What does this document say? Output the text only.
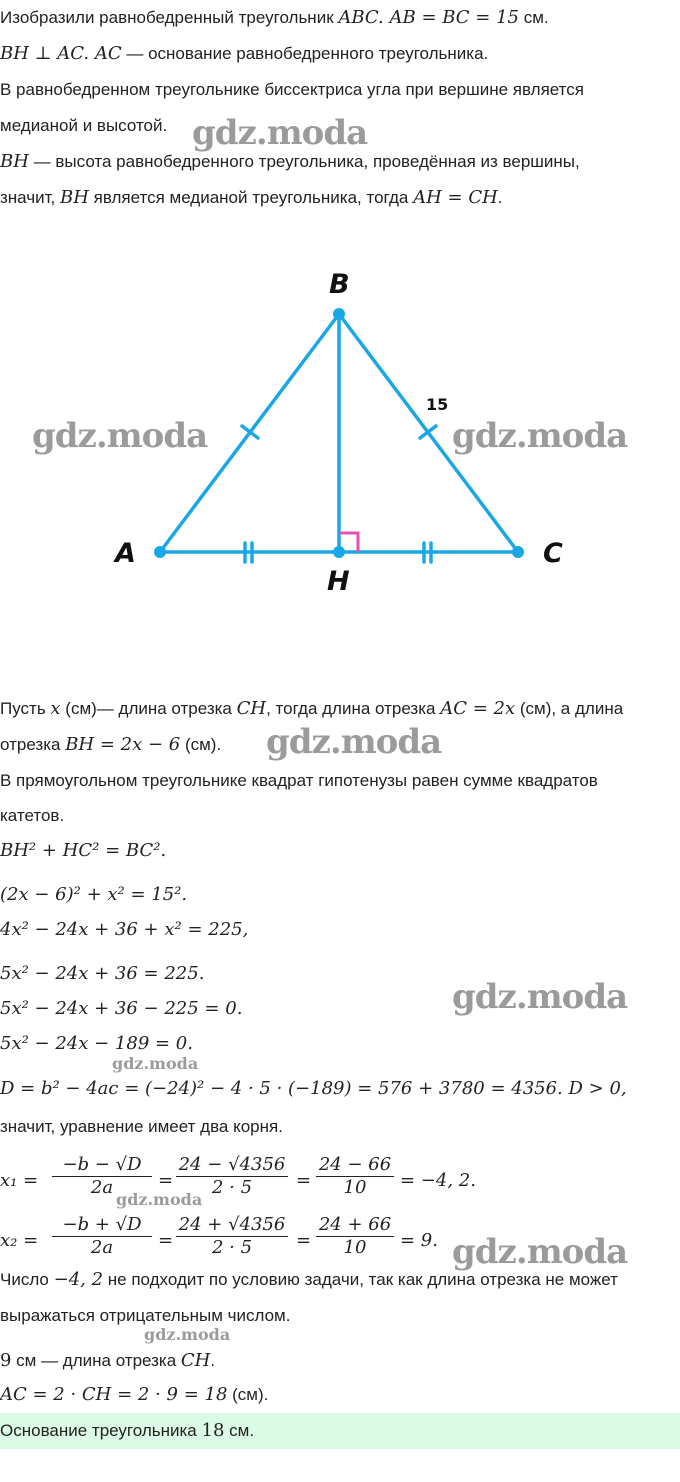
Изобразили равнобедренный треугольник ABC. AB = BC = 15 см.
BH ⊥ AC. AC — основание равнобедренного треугольника.
В равнобедренном треугольнике биссектриса угла при вершине является
медианой и высотой.
BH — высота равнобедренного треугольника, проведённая из вершины,
значит, BH является медианой треугольника, тогда AH = CH.
B
A	C
H
15
Пусть x (см)— длина отрезка CH, тогда длина отрезка AC = 2x (см), а длина
отрезка BH = 2x − 6 (см).
В прямоугольном треугольнике квадрат гипотенузы равен сумме квадратов
катетов.
BH² + HC² = BC².
(2x − 6)² + x² = 15².
4x² − 24x + 36 + x² = 225,
5x² − 24x + 36 = 225.
5x² − 24x + 36 − 225 = 0.
5x² − 24x − 189 = 0.
D = b² − 4ac = (−24)² − 4 · 5 · (−189) = 576 + 3780 = 4356. D > 0,
значит, уравнение имеет два корня.
x₁ =
−b − √D
2a	=
24 − √4356
2 · 5	=
24 − 66
10	= −4, 2.
x₂ =
−b + √D
2a	=
24 + √4356
2 · 5	=
24 + 66
10	= 9.
Число −4, 2 не подходит по условию задачи, так как длина отрезка не может
выражаться отрицательным числом.
9 см — длина отрезка CH.
AC = 2 · CH = 2 · 9 = 18 (см).
Основание треугольника 18 см.
gdz.moda
gdz.moda	gdz.moda
gdz.moda
gdz.moda
gdz.moda
gdz.moda
gdz.moda
gdz.moda
